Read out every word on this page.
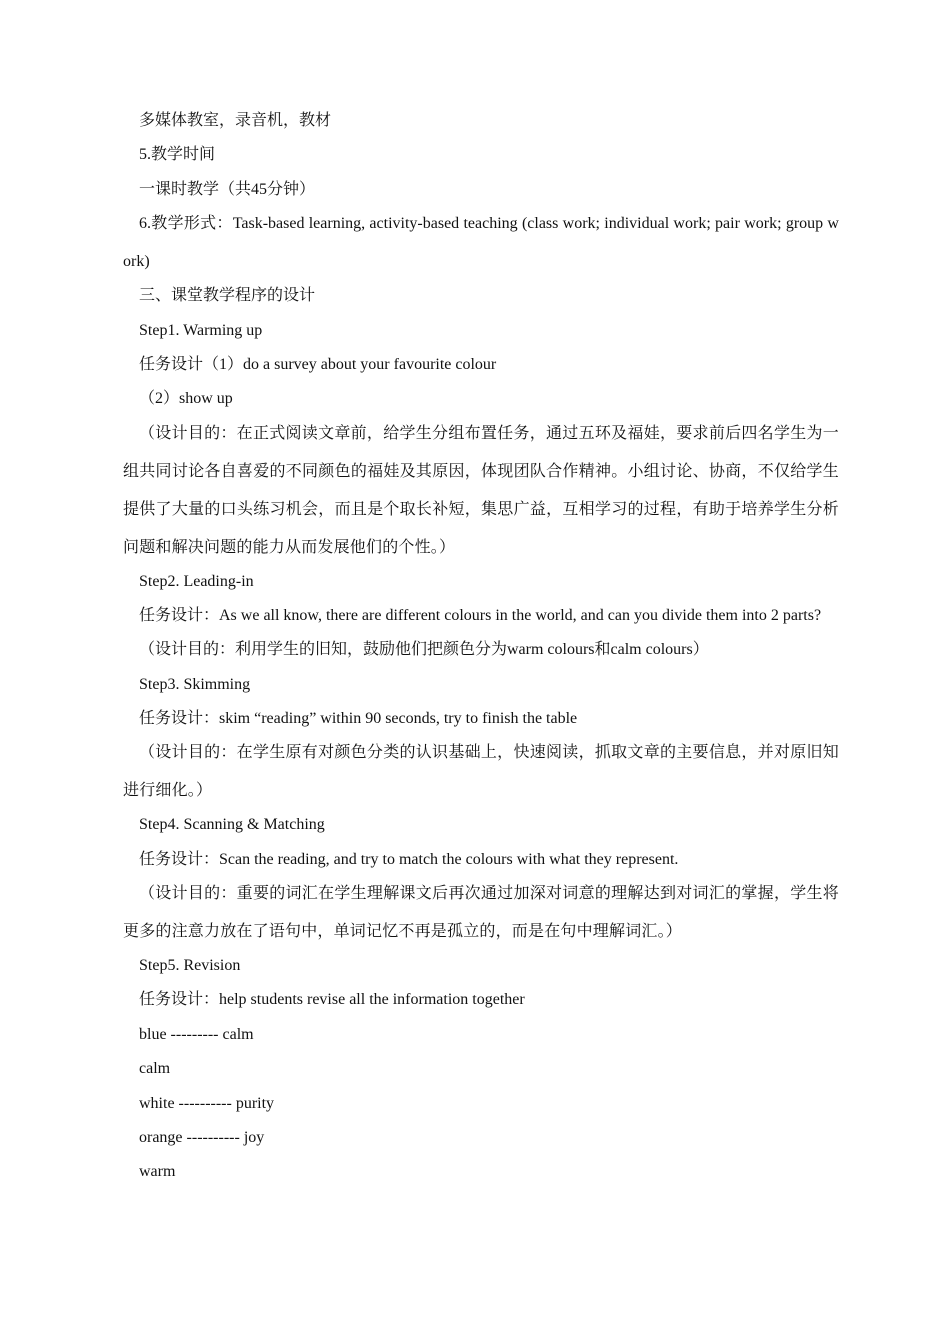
多媒体教室，录音机，教材
5.教学时间
一课时教学（共45分钟）
6.教学形式：Task-based learning, activity-based teaching (class work; individual work; pair work; group work)
三、课堂教学程序的设计
Step1. Warming up
任务设计（1）do a survey about your favourite colour
（2）show up
（设计目的：在正式阅读文章前，给学生分组布置任务，通过五环及福娃，要求前后四名学生为一组共同讨论各自喜爱的不同颜色的福娃及其原因，体现团队合作精神。小组讨论、协商，不仅给学生提供了大量的口头练习机会，而且是个取长补短，集思广益，互相学习的过程，有助于培养学生分析问题和解决问题的能力从而发展他们的个性。）
Step2. Leading-in
任务设计：As we all know, there are different colours in the world, and can you divide them into 2 parts?
（设计目的：利用学生的旧知，鼓励他们把颜色分为warm colours和calm colours）
Step3. Skimming
任务设计：skim “reading” within 90 seconds, try to finish the table
（设计目的：在学生原有对颜色分类的认识基础上，快速阅读，抓取文章的主要信息，并对原旧知进行细化。）
Step4. Scanning & Matching
任务设计：Scan the reading, and try to match the colours with what they represent.
（设计目的：重要的词汇在学生理解课文后再次通过加深对词意的理解达到对词汇的掌握，学生将更多的注意力放在了语句中，单词记忆不再是孤立的，而是在句中理解词汇。）
Step5. Revision
任务设计：help students revise all the information together
blue --------- calm
calm
white ---------- purity
orange ---------- joy
warm
